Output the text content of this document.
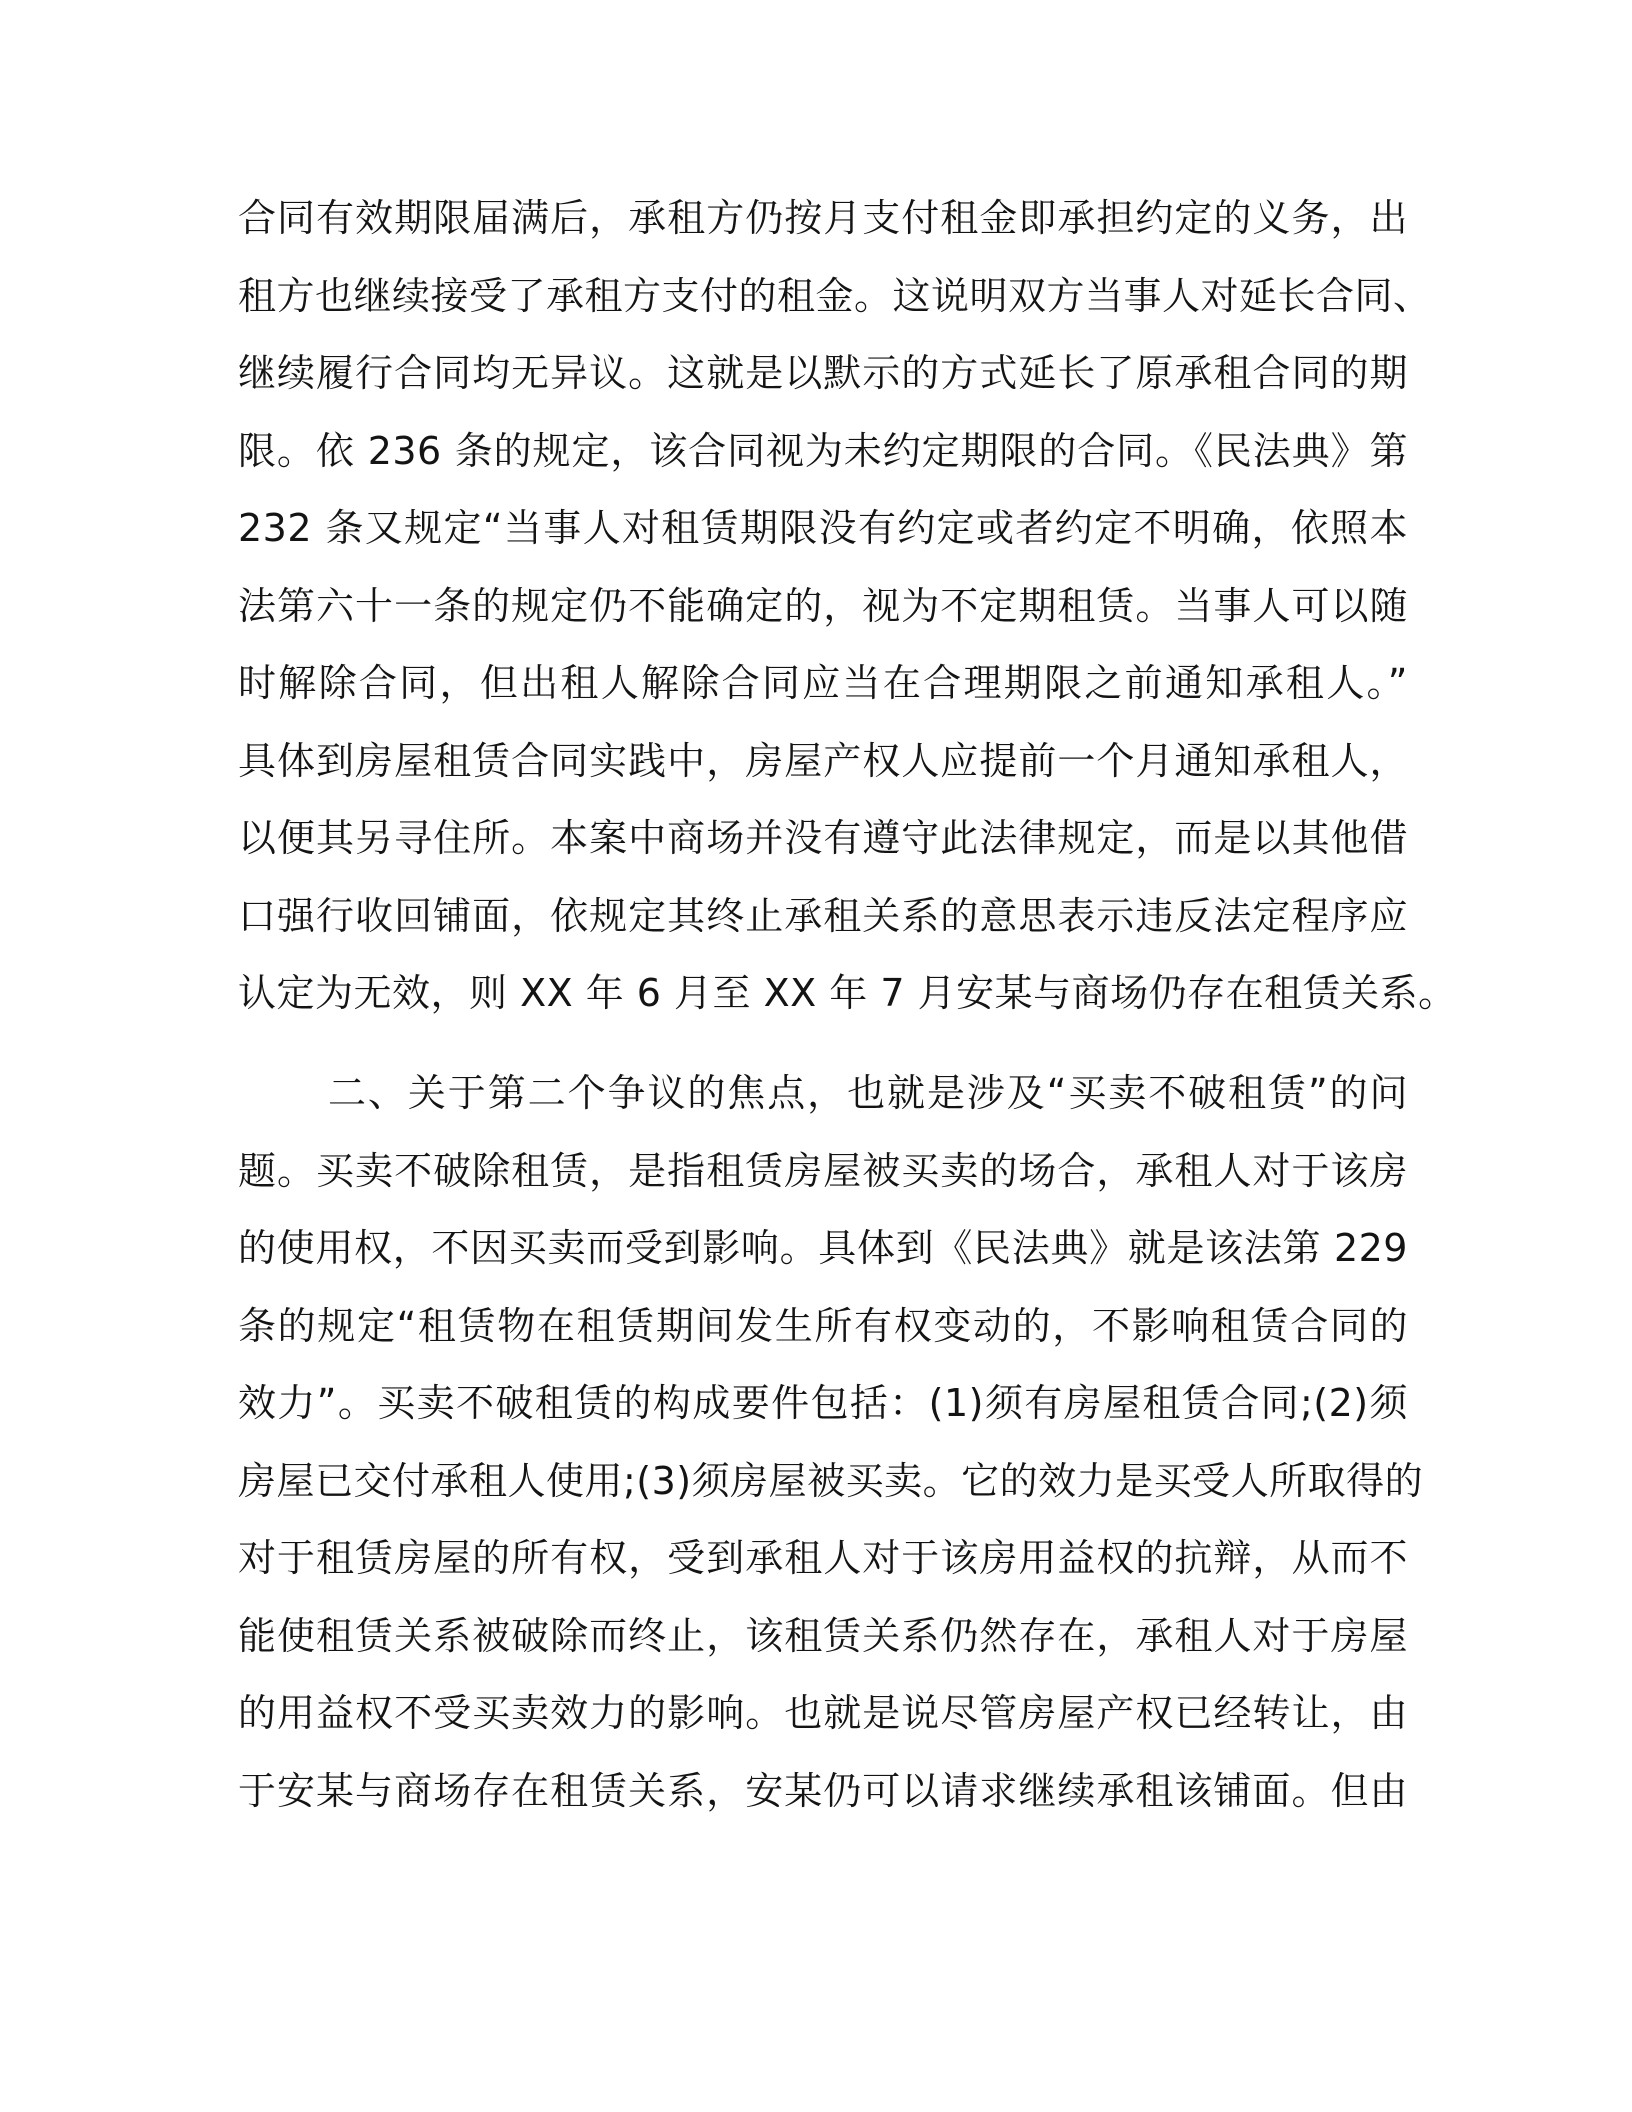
合同有效期限届满后，承租方仍按月支付租金即承担约定的义务，出
租方也继续接受了承租方支付的租金。这说明双方当事人对延长合同、
继续履行合同均无异议。这就是以默示的方式延长了原承租合同的期
限。依 236 条的规定，该合同视为未约定期限的合同。《民法典》第
232 条又规定“当事人对租赁期限没有约定或者约定不明确，依照本
法第六十一条的规定仍不能确定的，视为不定期租赁。当事人可以随
时解除合同，但出租人解除合同应当在合理期限之前通知承租人。”
具体到房屋租赁合同实践中，房屋产权人应提前一个月通知承租人，
以便其另寻住所。本案中商场并没有遵守此法律规定，而是以其他借
口强行收回铺面，依规定其终止承租关系的意思表示违反法定程序应
认定为无效，则 XX 年 6 月至 XX 年 7 月安某与商场仍存在租赁关系。
二、关于第二个争议的焦点，也就是涉及“买卖不破租赁”的问
题。买卖不破除租赁，是指租赁房屋被买卖的场合，承租人对于该房
的使用权，不因买卖而受到影响。具体到《民法典》就是该法第 229
条的规定“租赁物在租赁期间发生所有权变动的，不影响租赁合同的
效力”。买卖不破租赁的构成要件包括：(1)须有房屋租赁合同;(2)须
房屋已交付承租人使用;(3)须房屋被买卖。它的效力是买受人所取得的
对于租赁房屋的所有权，受到承租人对于该房用益权的抗辩，从而不
能使租赁关系被破除而终止，该租赁关系仍然存在，承租人对于房屋
的用益权不受买卖效力的影响。也就是说尽管房屋产权已经转让，由
于安某与商场存在租赁关系，安某仍可以请求继续承租该铺面。但由
